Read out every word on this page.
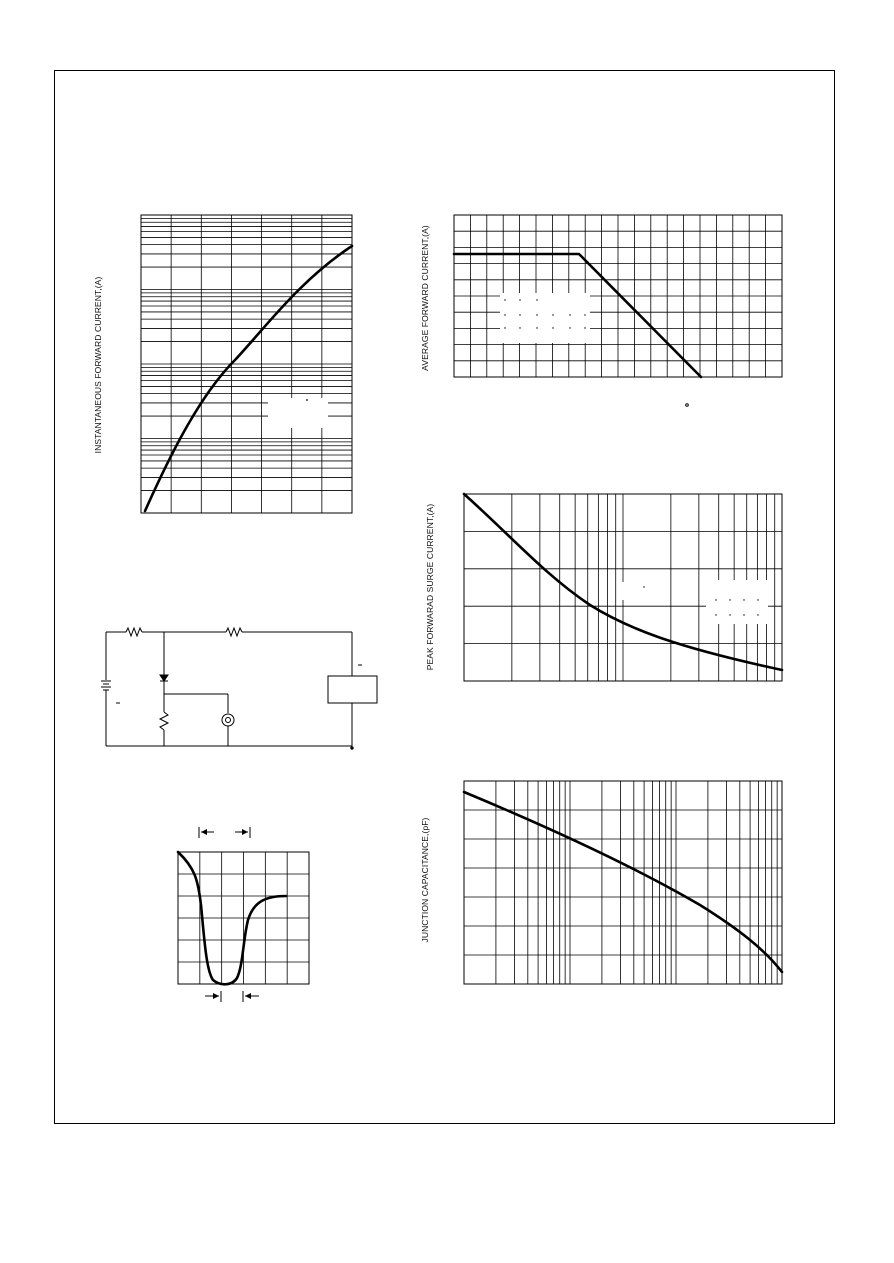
INSTANTANEOUS FORWARD CURRENT,(A)	AVERAGE FORWARD CURRENT,(A)
PEAK FORWARAD SURGE CURRENT,(A)
JUNCTION CAPACITANCE,(pF)
